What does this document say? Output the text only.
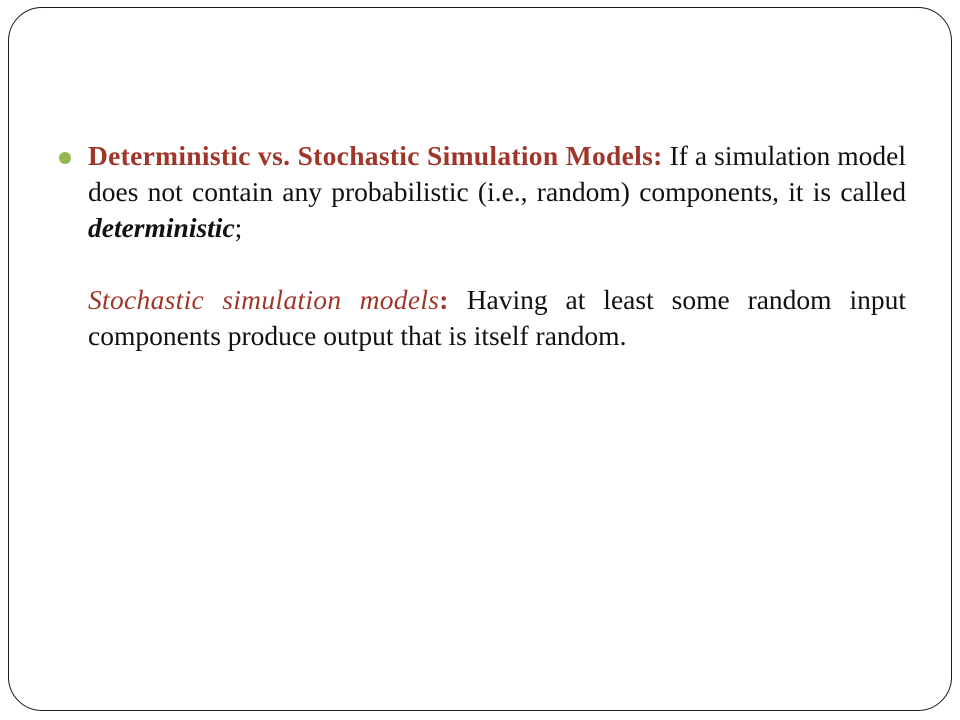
Deterministic vs. Stochastic Simulation Models: If a simulation model does not contain any probabilistic (i.e., random) components, it is called deterministic;

Stochastic simulation models: Having at least some random input components produce output that is itself random.
